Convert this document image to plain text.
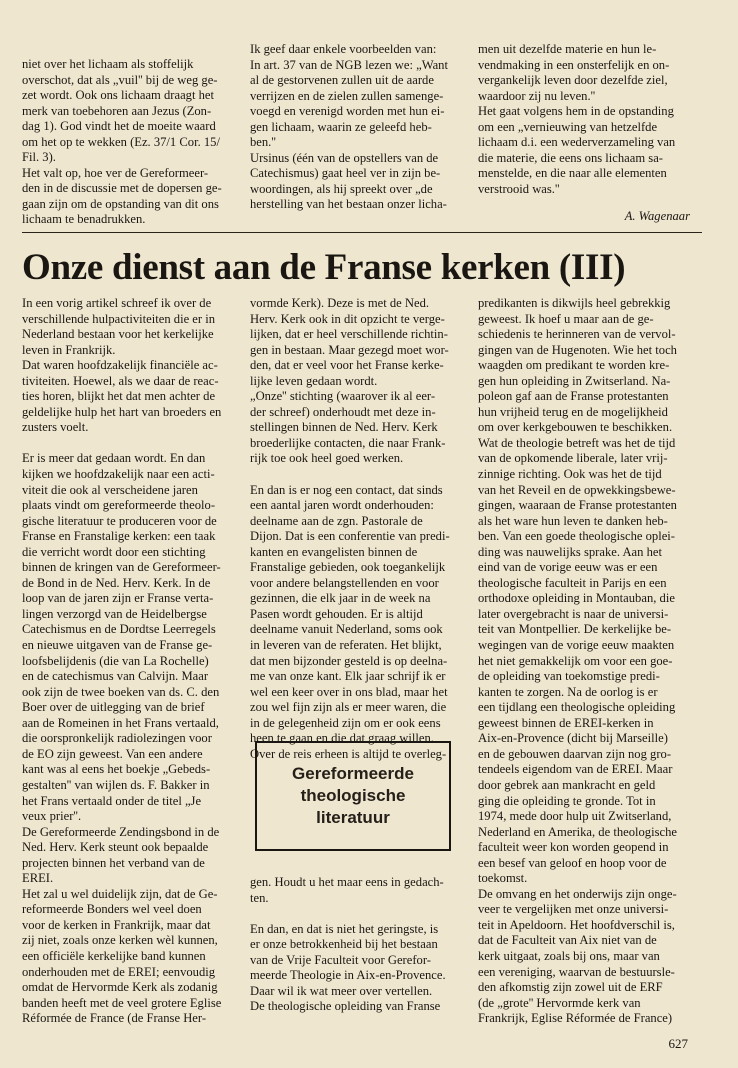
niet over het lichaam als stoffelijk
overschot, dat als „vuil'' bij de weg ge-
zet wordt. Ook ons lichaam draagt het
merk van toebehoren aan Jezus (Zon-
dag 1). God vindt het de moeite waard
om het op te wekken (Ez. 37/1 Cor. 15/
Fil. 3).
Het valt op, hoe ver de Gereformeer-
den in de discussie met de dopersen ge-
gaan zijn om de opstanding van dit ons
lichaam te benadrukken.

Ik geef daar enkele voorbeelden van:
In art. 37 van de NGB lezen we: „Want
al de gestorvenen zullen uit de aarde
verrijzen en de zielen zullen samenge-
voegd en verenigd worden met hun ei-
gen lichaam, waarin ze geleefd heb-
ben.''
Ursinus (één van de opstellers van de
Catechismus) gaat heel ver in zijn be-
woordingen, als hij spreekt over „de
herstelling van het bestaan onzer licha-

men uit dezelfde materie en hun le-
vendmaking in een onsterfelijk en on-
vergankelijk leven door dezelfde ziel,
waardoor zij nu leven.''
Het gaat volgens hem in de opstanding
om een „vernieuwing van hetzelfde
lichaam d.i. een wederverzameling van
die materie, die eens ons lichaam sa-
menstelde, en die naar alle elementen
verstrooid was.''

A. Wagenaar
Onze dienst aan de Franse kerken (III)

In een vorig artikel schreef ik over de
verschillende hulpactiviteiten die er in
Nederland bestaan voor het kerkelijke
leven in Frankrijk.
Dat waren hoofdzakelijk financiële ac-
tiviteiten. Hoewel, als we daar de reac-
ties horen, blijkt het dat men achter de
geldelijke hulp het hart van broeders en
zusters voelt.

Er is meer dat gedaan wordt. En dan
kijken we hoofdzakelijk naar een acti-
viteit die ook al verscheidene jaren
plaats vindt om gereformeerde theolo-
gische literatuur te produceren voor de
Franse en Franstalige kerken: een taak
die verricht wordt door een stichting
binnen de kringen van de Gereformeer-
de Bond in de Ned. Herv. Kerk. In de
loop van de jaren zijn er Franse verta-
lingen verzorgd van de Heidelbergse
Catechismus en de Dordtse Leerregels
en nieuwe uitgaven van de Franse ge-
loofsbelijdenis (die van La Rochelle)
en de catechismus van Calvijn. Maar
ook zijn de twee boeken van ds. C. den
Boer over de uitlegging van de brief
aan de Romeinen in het Frans vertaald,
die oorspronkelijk radiolezingen voor
de EO zijn geweest. Van een andere
kant was al eens het boekje „Gebeds-
gestalten'' van wijlen ds. F. Bakker in
het Frans vertaald onder de titel „Je
veux prier''.
De Gereformeerde Zendingsbond in de
Ned. Herv. Kerk steunt ook bepaalde
projecten binnen het verband van de
EREI.
Het zal u wel duidelijk zijn, dat de Ge-
reformeerde Bonders wel veel doen
voor de kerken in Frankrijk, maar dat
zij niet, zoals onze kerken wèl kunnen,
een officiële kerkelijke band kunnen
onderhouden met de EREI; eenvoudig
omdat de Hervormde Kerk als zodanig
banden heeft met de veel grotere Eglise
Réformée de France (de Franse Her-

vormde Kerk). Deze is met de Ned.
Herv. Kerk ook in dit opzicht te verge-
lijken, dat er heel verschillende richtin-
gen in bestaan. Maar gezegd moet wor-
den, dat er veel voor het Franse kerke-
lijke leven gedaan wordt.
„Onze'' stichting (waarover ik al eer-
der schreef) onderhoudt met deze in-
stellingen binnen de Ned. Herv. Kerk
broederlijke contacten, die naar Frank-
rijk toe ook heel goed werken.

En dan is er nog een contact, dat sinds
een aantal jaren wordt onderhouden:
deelname aan de zgn. Pastorale de
Dijon. Dat is een conferentie van predi-
kanten en evangelisten binnen de
Franstalige gebieden, ook toegankelijk
voor andere belangstellenden en voor
gezinnen, die elk jaar in de week na
Pasen wordt gehouden. Er is altijd
deelname vanuit Nederland, soms ook
in leveren van de referaten. Het blijkt,
dat men bijzonder gesteld is op deelna-
me van onze kant. Elk jaar schrijf ik er
wel een keer over in ons blad, maar het
zou wel fijn zijn als er meer waren, die
in de gelegenheid zijn om er ook eens
heen te gaan en die dat graag willen.
Over de reis erheen is altijd te overleg-

Gereformeerde
theologische
literatuur

gen. Houdt u het maar eens in gedach-
ten.

En dan, en dat is niet het geringste, is
er onze betrokkenheid bij het bestaan
van de Vrije Faculteit voor Gerefor-
meerde Theologie in Aix-en-Provence.
Daar wil ik wat meer over vertellen.
De theologische opleiding van Franse

predikanten is dikwijls heel gebrekkig
geweest. Ik hoef u maar aan de ge-
schiedenis te herinneren van de vervol-
gingen van de Hugenoten. Wie het toch
waagden om predikant te worden kre-
gen hun opleiding in Zwitserland. Na-
poleon gaf aan de Franse protestanten
hun vrijheid terug en de mogelijkheid
om over kerkgebouwen te beschikken.
Wat de theologie betreft was het de tijd
van de opkomende liberale, later vrij-
zinnige richting. Ook was het de tijd
van het Reveil en de opwekkingsbewe-
gingen, waaraan de Franse protestanten
als het ware hun leven te danken heb-
ben. Van een goede theologische oplei-
ding was nauwelijks sprake. Aan het
eind van de vorige eeuw was er een
theologische faculteit in Parijs en een
orthodoxe opleiding in Montauban, die
later overgebracht is naar de universi-
teit van Montpellier. De kerkelijke be-
wegingen van de vorige eeuw maakten
het niet gemakkelijk om voor een goe-
de opleiding van toekomstige predi-
kanten te zorgen. Na de oorlog is er
een tijdlang een theologische opleiding
geweest binnen de EREI-kerken in
Aix-en-Provence (dicht bij Marseille)
en de gebouwen daarvan zijn nog gro-
tendeels eigendom van de EREI. Maar
door gebrek aan mankracht en geld
ging die opleiding te gronde. Tot in
1974, mede door hulp uit Zwitserland,
Nederland en Amerika, de theologische
faculteit weer kon worden geopend in
een besef van geloof en hoop voor de
toekomst.
De omvang en het onderwijs zijn onge-
veer te vergelijken met onze universi-
teit in Apeldoorn. Het hoofdverschil is,
dat de Faculteit van Aix niet van de
kerk uitgaat, zoals bij ons, maar van
een vereniging, waarvan de bestuursle-
den afkomstig zijn zowel uit de ERF
(de „grote'' Hervormde kerk van
Frankrijk, Eglise Réformée de France)

627
